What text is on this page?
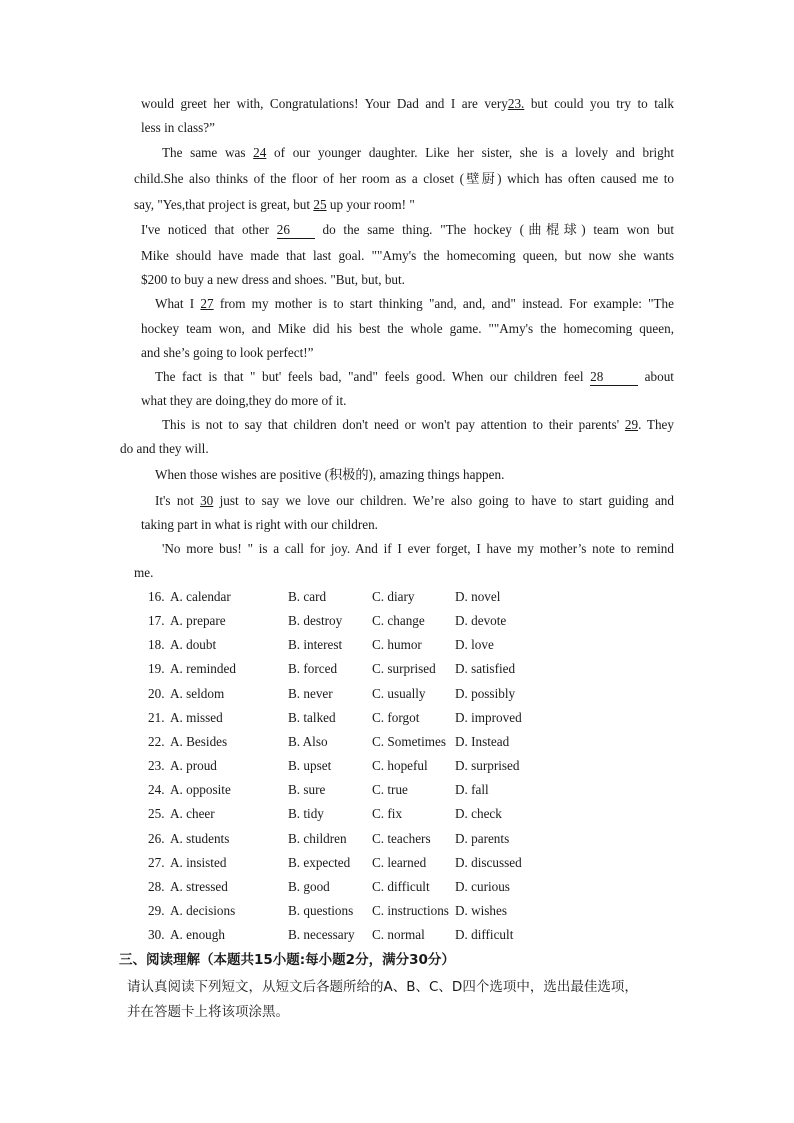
would greet her with, Congratulations! Your Dad and I are very23. but could you try to talk
less in class?”
The same was 24 of our younger daughter. Like her sister, she is a lovely and bright
child.She also thinks of the floor of her room as a closet (壁厨) which has often caused me to
say, "Yes,that project is great, but 25 up your room! "
I've noticed that other 26 do the same thing. "The hockey (曲棍球) team won but
Mike should have made that last goal. ""Amy's the homecoming queen, but now she wants
$200 to buy a new dress and shoes. "But, but, but.
What I 27 from my mother is to start thinking "and, and, and" instead. For example: "The
hockey team won, and Mike did his best the whole game. ""Amy's the homecoming queen,
and she’s going to look perfect!”
The fact is that " but' feels bad, "and" feels good. When our children feel 28	about
what they are doing,they do more of it.
This is not to say that children don't need or won't pay attention to their parents' 29. They
do and they will.
When those wishes are positive (积极的), amazing things happen.
It's not 30 just to say we love our children. We’re also going to have to start guiding and
taking part in what is right with our children.
'No more bus! " is a call for joy. And if I ever forget, I have my mother’s note to remind
me.
16. A. calendar	B. card	C. diary	D. novel
17. A. prepare	B. destroy C. change D. devote
18. A. doubt	B. interest C. humor	D. love
19. A. reminded	B. forced	C. surprised D. satisfied
20. A. seldom	B. never	C. usually D. possibly
21. A. missed	B. talked	C. forgot	D. improved
22. A. Besides	B. Also	C. Sometimes D. Instead
23. A. proud	B. upset	C. hopeful D. surprised
24. A. opposite	B. sure	C. true	D. fall
25. A. cheer	B. tidy	C. fix	D. check
26. A. students	B. children C. teachers D. parents
27. A. insisted	B. expected C. learned D. discussed
28. A. stressed	B. good	C. difficult D. curious
29. A. decisions	B. questions C. instructions D. wishes
30. A. enough	B. necessary C. normal D. difficult
三、阅读理解（本题共15小题:每小题2分，满分30分）
请认真阅读下列短文，从短文后各题所给的A、B、C、D四个选项中，选出最佳选项，
并在答题卡上将该项涂黑。
